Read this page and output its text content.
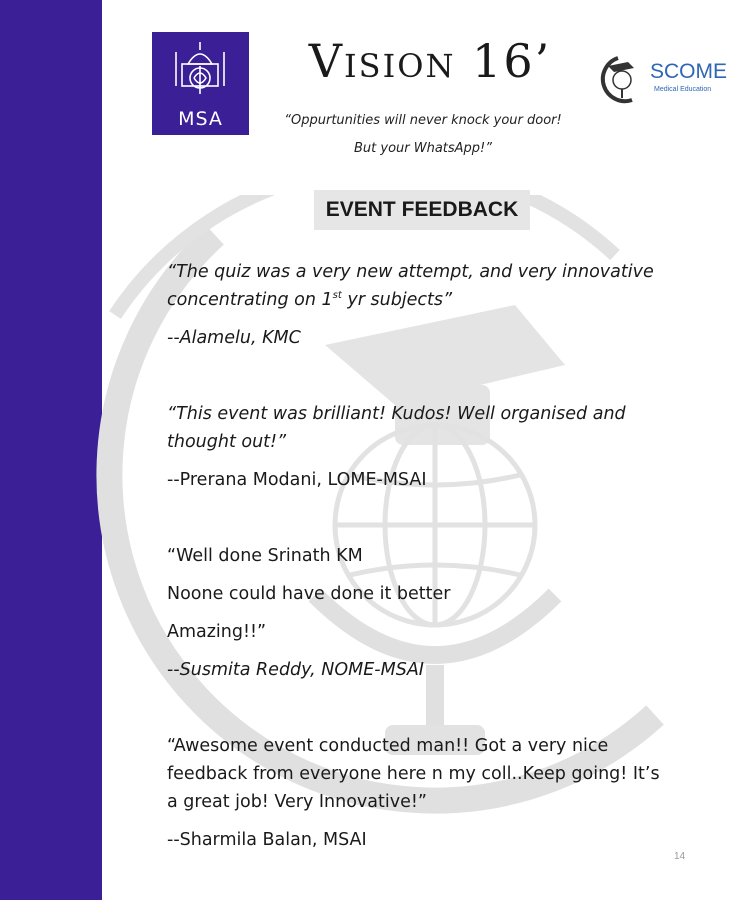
MSA
Vision 16’
“Oppurtunities will never knock your door!
But your WhatsApp!”
SCOME
Medical Education
EVENT FEEDBACK
“The quiz was a very new attempt, and very innovative
concentrating on 1st yr subjects”
--Alamelu, KMC
“This event was brilliant! Kudos! Well organised and
thought out!”
--Prerana Modani, LOME-MSAI
“Well done Srinath KM
Noone could have done it better
Amazing!!”
--Susmita Reddy, NOME-MSAI
“Awesome event conducted man!! Got a very nice
feedback from everyone here n my coll..Keep going! It’s
a great job! Very Innovative!”
--Sharmila Balan, MSAI
14
